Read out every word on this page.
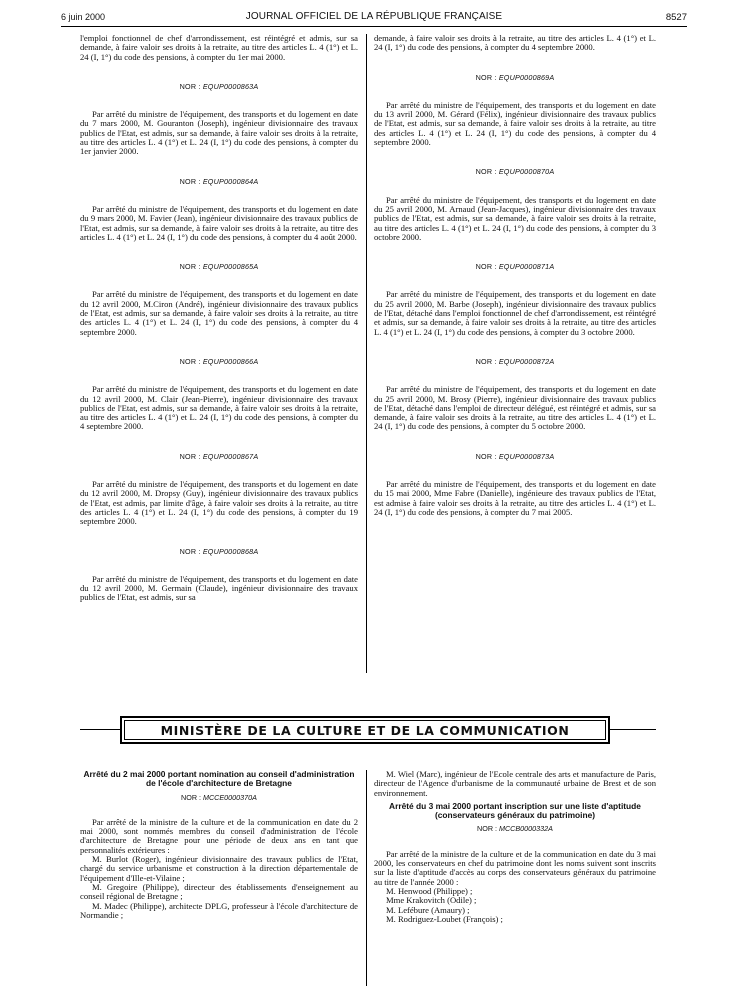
6 juin 2000	JOURNAL OFFICIEL DE LA RÉPUBLIQUE FRANÇAISE	8527

l'emploi fonctionnel de chef d'arrondissement, est réintégré et admis, sur sa demande, à faire valoir ses droits à la retraite, au titre des articles L. 4 (1°) et L. 24 (I, 1°) du code des pensions, à compter du 1er mai 2000.

NOR : EQUP0000863A

Par arrêté du ministre de l'équipement, des transports et du logement en date du 7 mars 2000, M. Gouranton (Joseph), ingénieur divisionnaire des travaux publics de l'Etat, est admis, sur sa demande, à faire valoir ses droits à la retraite, au titre des articles L. 4 (1°) et L. 24 (I, 1°) du code des pensions, à compter du 1er janvier 2000.

NOR : EQUP0000864A

Par arrêté du ministre de l'équipement, des transports et du logement en date du 9 mars 2000, M. Favier (Jean), ingénieur divisionnaire des travaux publics de l'Etat, est admis, sur sa demande, à faire valoir ses droits à la retraite, au titre des articles L. 4 (1°) et L. 24 (I, 1°) du code des pensions, à compter du 4 août 2000.

NOR : EQUP0000865A

Par arrêté du ministre de l'équipement, des transports et du logement en date du 12 avril 2000, M.Ciron (André), ingénieur divisionnaire des travaux publics de l'Etat, est admis, sur sa demande, à faire valoir ses droits à la retraite, au titre des articles L. 4 (1°) et L. 24 (I, 1°) du code des pensions, à compter du 4 septembre 2000.

NOR : EQUP0000866A

Par arrêté du ministre de l'équipement, des transports et du logement en date du 12 avril 2000, M. Clair (Jean-Pierre), ingénieur divisionnaire des travaux publics de l'Etat, est admis, sur sa demande, à faire valoir ses droits à la retraite, au titre des articles L. 4 (1°) et L. 24 (I, 1°) du code des pensions, à compter du 4 septembre 2000.

NOR : EQUP0000867A

Par arrêté du ministre de l'équipement, des transports et du logement en date du 12 avril 2000, M. Dropsy (Guy), ingénieur divisionnaire des travaux publics de l'Etat, est admis, par limite d'âge, à faire valoir ses droits à la retraite, au titre des articles L. 4 (1°) et L. 24 (I, 1°) du code des pensions, à compter du 19 septembre 2000.

NOR : EQUP0000868A

Par arrêté du ministre de l'équipement, des transports et du logement en date du 12 avril 2000, M. Germain (Claude), ingénieur divisionnaire des travaux publics de l'Etat, est admis, sur sa

demande, à faire valoir ses droits à la retraite, au titre des articles L. 4 (1°) et L. 24 (I, 1°) du code des pensions, à compter du 4 septembre 2000.

NOR : EQUP0000869A

Par arrêté du ministre de l'équipement, des transports et du logement en date du 13 avril 2000, M. Gérard (Félix), ingénieur divisionnaire des travaux publics de l'Etat, est admis, sur sa demande, à faire valoir ses droits à la retraite, au titre des articles L. 4 (1°) et L. 24 (I, 1°) du code des pensions, à compter du 4 septembre 2000.

NOR : EQUP0000870A

Par arrêté du ministre de l'équipement, des transports et du logement en date du 25 avril 2000, M. Arnaud (Jean-Jacques), ingénieur divisionnaire des travaux publics de l'Etat, est admis, sur sa demande, à faire valoir ses droits à la retraite, au titre des articles L. 4 (1°) et L. 24 (I, 1°) du code des pensions, à compter du 3 octobre 2000.

NOR : EQUP0000871A

Par arrêté du ministre de l'équipement, des transports et du logement en date du 25 avril 2000, M. Barbe (Joseph), ingénieur divisionnaire des travaux publics de l'Etat, détaché dans l'emploi fonctionnel de chef d'arrondissement, est réintégré et admis, sur sa demande, à faire valoir ses droits à la retraite, au titre des articles L. 4 (1°) et L. 24 (I, 1°) du code des pensions, à compter du 3 octobre 2000.

NOR : EQUP0000872A

Par arrêté du ministre de l'équipement, des transports et du logement en date du 25 avril 2000, M. Brosy (Pierre), ingénieur divisionnaire des travaux publics de l'Etat, détaché dans l'emploi de directeur délégué, est réintégré et admis, sur sa demande, à faire valoir ses droits à la retraite, au titre des articles L. 4 (1°) et L. 24 (I, 1°) du code des pensions, à compter du 5 octobre 2000.

NOR : EQUP0000873A

Par arrêté du ministre de l'équipement, des transports et du logement en date du 15 mai 2000, Mme Fabre (Danielle), ingénieure des travaux publics de l'Etat, est admise à faire valoir ses droits à la retraite, au titre des articles L. 4 (1°) et L. 24 (I, 1°) du code des pensions, à compter du 7 mai 2005.

MINISTÈRE DE LA CULTURE ET DE LA COMMUNICATION

Arrêté du 2 mai 2000 portant nomination au conseil d'administration de l'école d'architecture de Bretagne

NOR : MCCE0000370A

Par arrêté de la ministre de la culture et de la communication en date du 2 mai 2000, sont nommés membres du conseil d'administration de l'école d'architecture de Bretagne pour une période de deux ans en tant que personnalités extérieures :

M. Burlot (Roger), ingénieur divisionnaire des travaux publics de l'Etat, chargé du service urbanisme et construction à la direction départementale de l'équipement d'Ille-et-Vilaine ;

M. Gregoire (Philippe), directeur des établissements d'enseignement au conseil régional de Bretagne ;

M. Madec (Philippe), architecte DPLG, professeur à l'école d'architecture de Normandie ;

M. Wiel (Marc), ingénieur de l'Ecole centrale des arts et manufacture de Paris, directeur de l'Agence d'urbanisme de la communauté urbaine de Brest et de son environnement.

Arrêté du 3 mai 2000 portant inscription sur une liste d'aptitude (conservateurs généraux du patrimoine)

NOR : MCCB0000332A

Par arrêté de la ministre de la culture et de la communication en date du 3 mai 2000, les conservateurs en chef du patrimoine dont les noms suivent sont inscrits sur la liste d'aptitude d'accès au corps des conservateurs généraux du patrimoine au titre de l'année 2000 :

M. Henwood (Philippe) ;

Mme Krakovitch (Odile) ;

M. Lefébure (Amaury) ;

M. Rodriguez-Loubet (François) ;
